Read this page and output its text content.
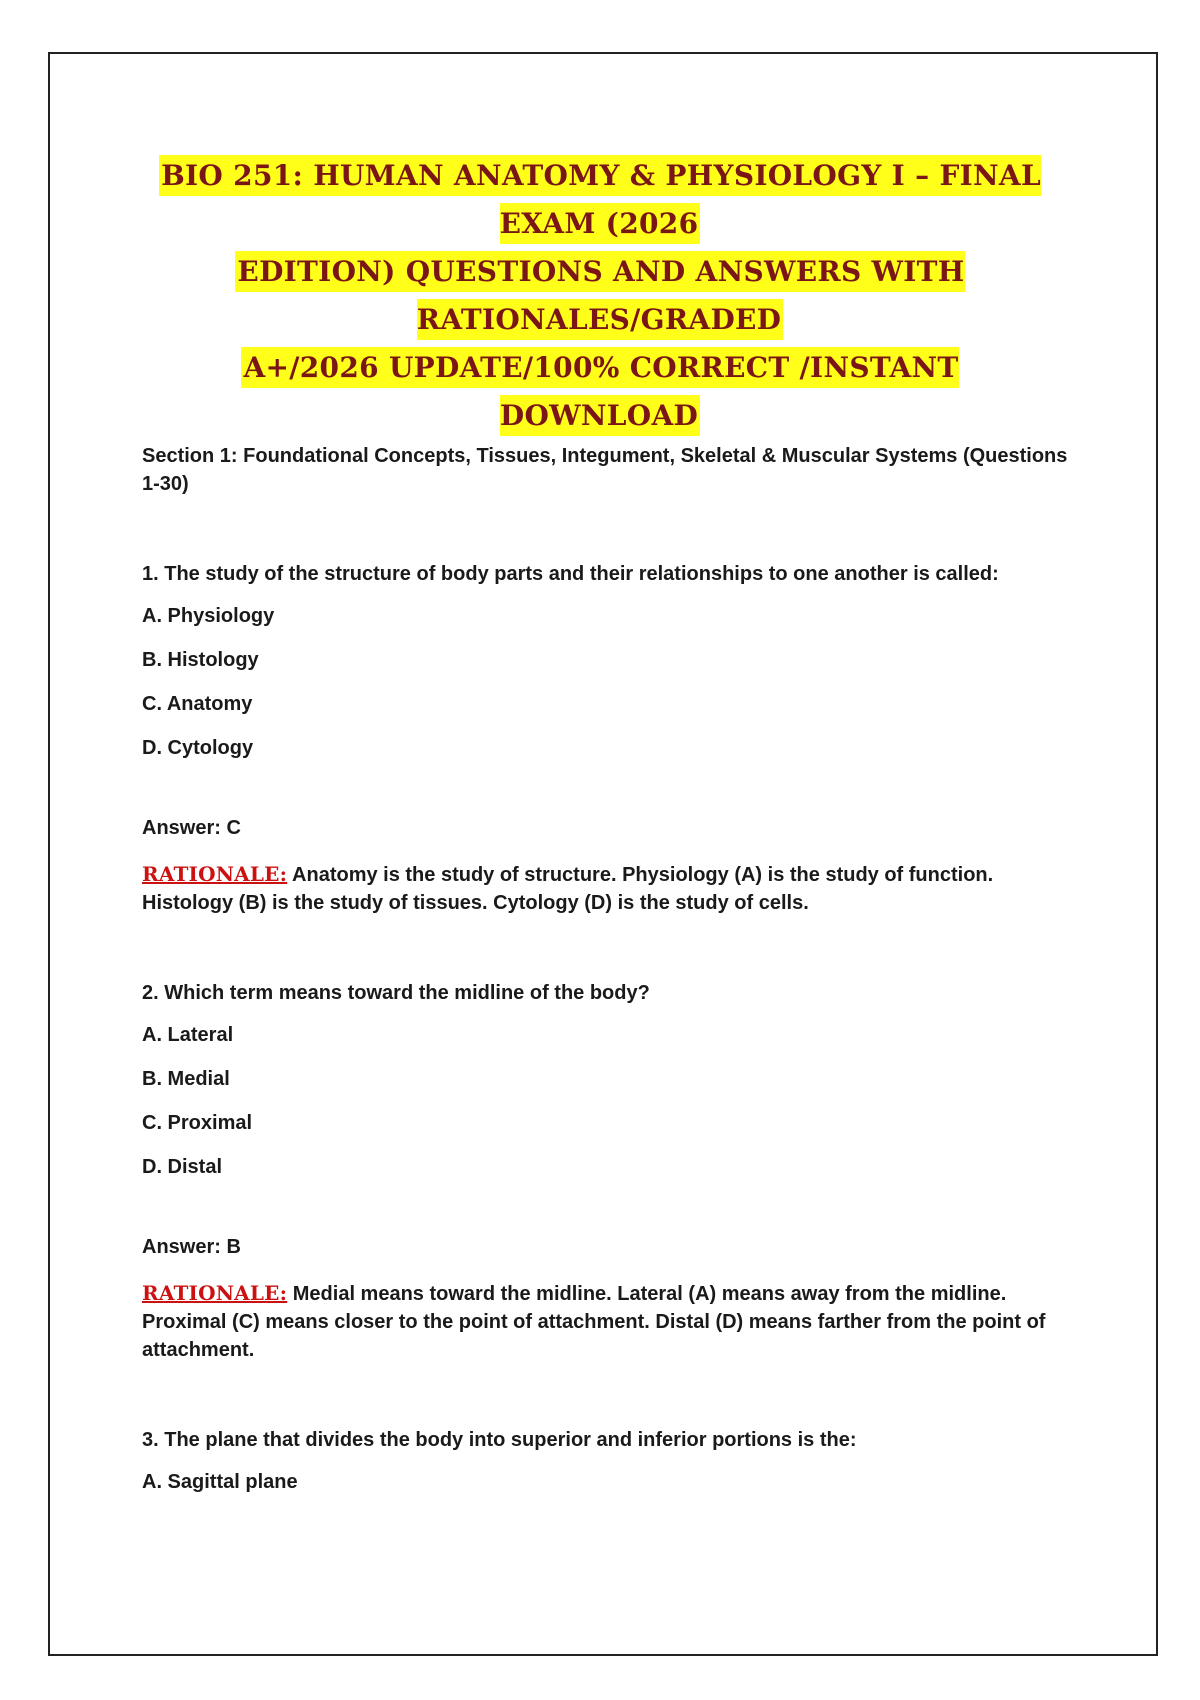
BIO 251: HUMAN ANATOMY & PHYSIOLOGY I – FINAL EXAM (2026
EDITION) QUESTIONS AND ANSWERS WITH RATIONALES/GRADED
A+/2026 UPDATE/100% CORRECT /INSTANT DOWNLOAD
Section 1: Foundational Concepts, Tissues, Integument, Skeletal & Muscular Systems (Questions 1-30)
1. The study of the structure of body parts and their relationships to one another is called:
A. Physiology
B. Histology
C. Anatomy
D. Cytology
Answer: C
RATIONALE: Anatomy is the study of structure. Physiology (A) is the study of function. Histology (B) is the study of tissues. Cytology (D) is the study of cells.
2. Which term means toward the midline of the body?
A. Lateral
B. Medial
C. Proximal
D. Distal
Answer: B
RATIONALE: Medial means toward the midline. Lateral (A) means away from the midline. Proximal (C) means closer to the point of attachment. Distal (D) means farther from the point of attachment.
3. The plane that divides the body into superior and inferior portions is the:
A. Sagittal plane
